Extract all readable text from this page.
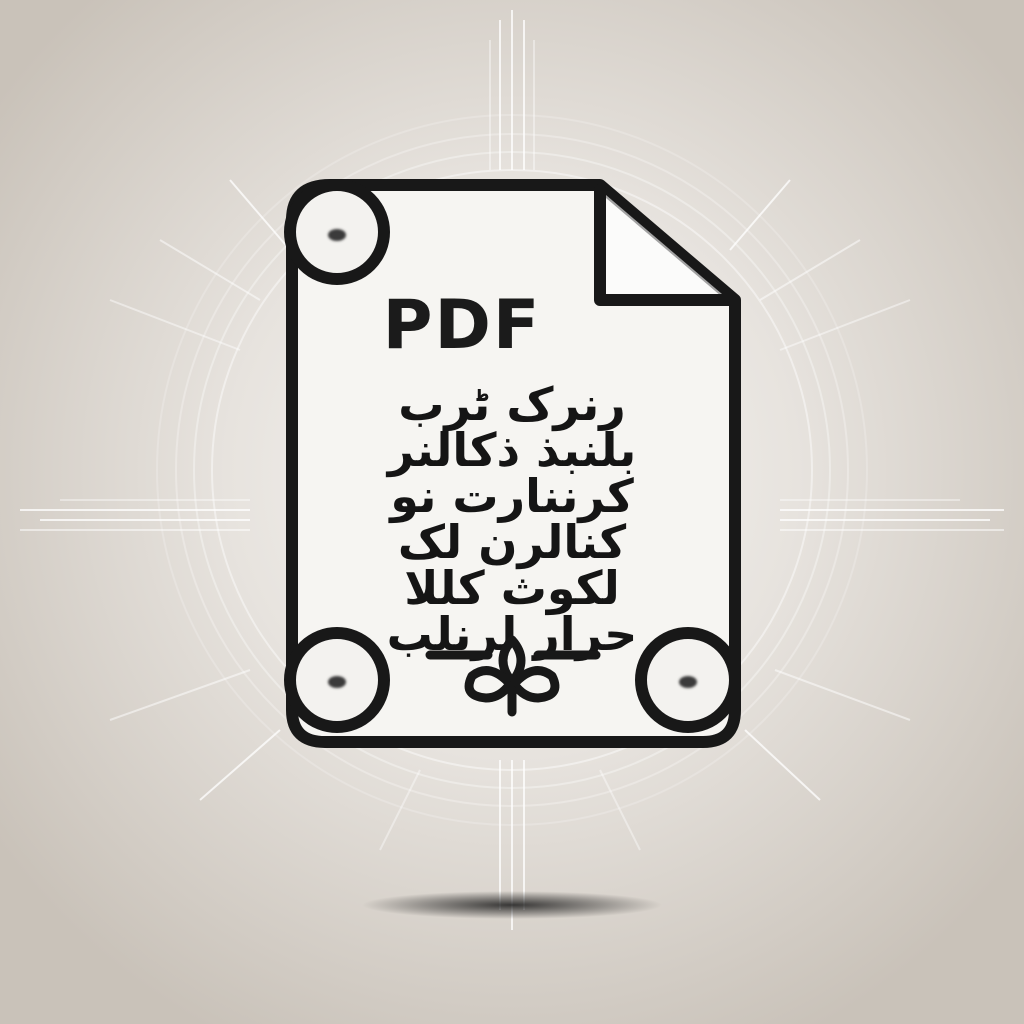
PDF
رنرک ٹرب
بلنبذ ذکالنر
کرننارت نو
کنالرن لک
لکوث کللا
حرار لرنلب
